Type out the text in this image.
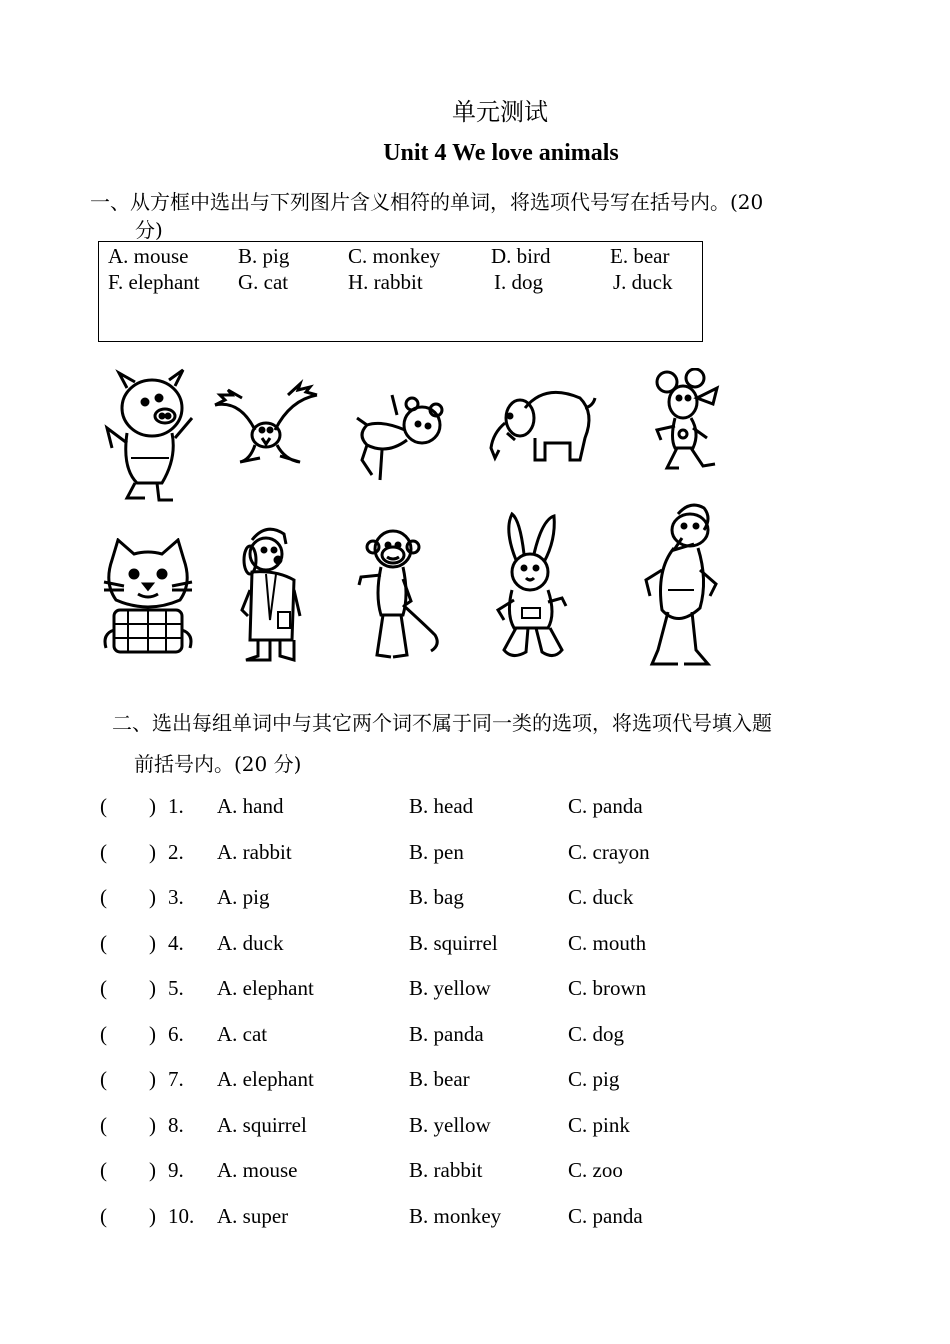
单元测试
Unit 4 We love animals
一、从方框中选出与下列图片含义相符的单词，将选项代号写在括号内。(20
分)
A. mouse B. pig	C. monkey D. bird	E. bear
F. elephant G. cat	H. rabbit	I. dog	J. duck
二、选出每组单词中与其它两个词不属于同一类的选项，将选项代号填入题
前括号内。(20 分)
(        ) 1. A. hand	B. head	C. panda
(        ) 2. A. rabbit	B. pen	C. crayon
(        ) 3. A. pig	B. bag	C. duck
(        ) 4. A. duck	B. squirrel	C. mouth
(        ) 5. A. elephant	B. yellow	C. brown
(        ) 6. A. cat	B. panda	C. dog
(        ) 7. A. elephant	B. bear	C. pig
(        ) 8. A. squirrel	B. yellow	C. pink
(        ) 9. A. mouse	B. rabbit	C. zoo
(        ) 10. A. super	B. monkey	C. panda
